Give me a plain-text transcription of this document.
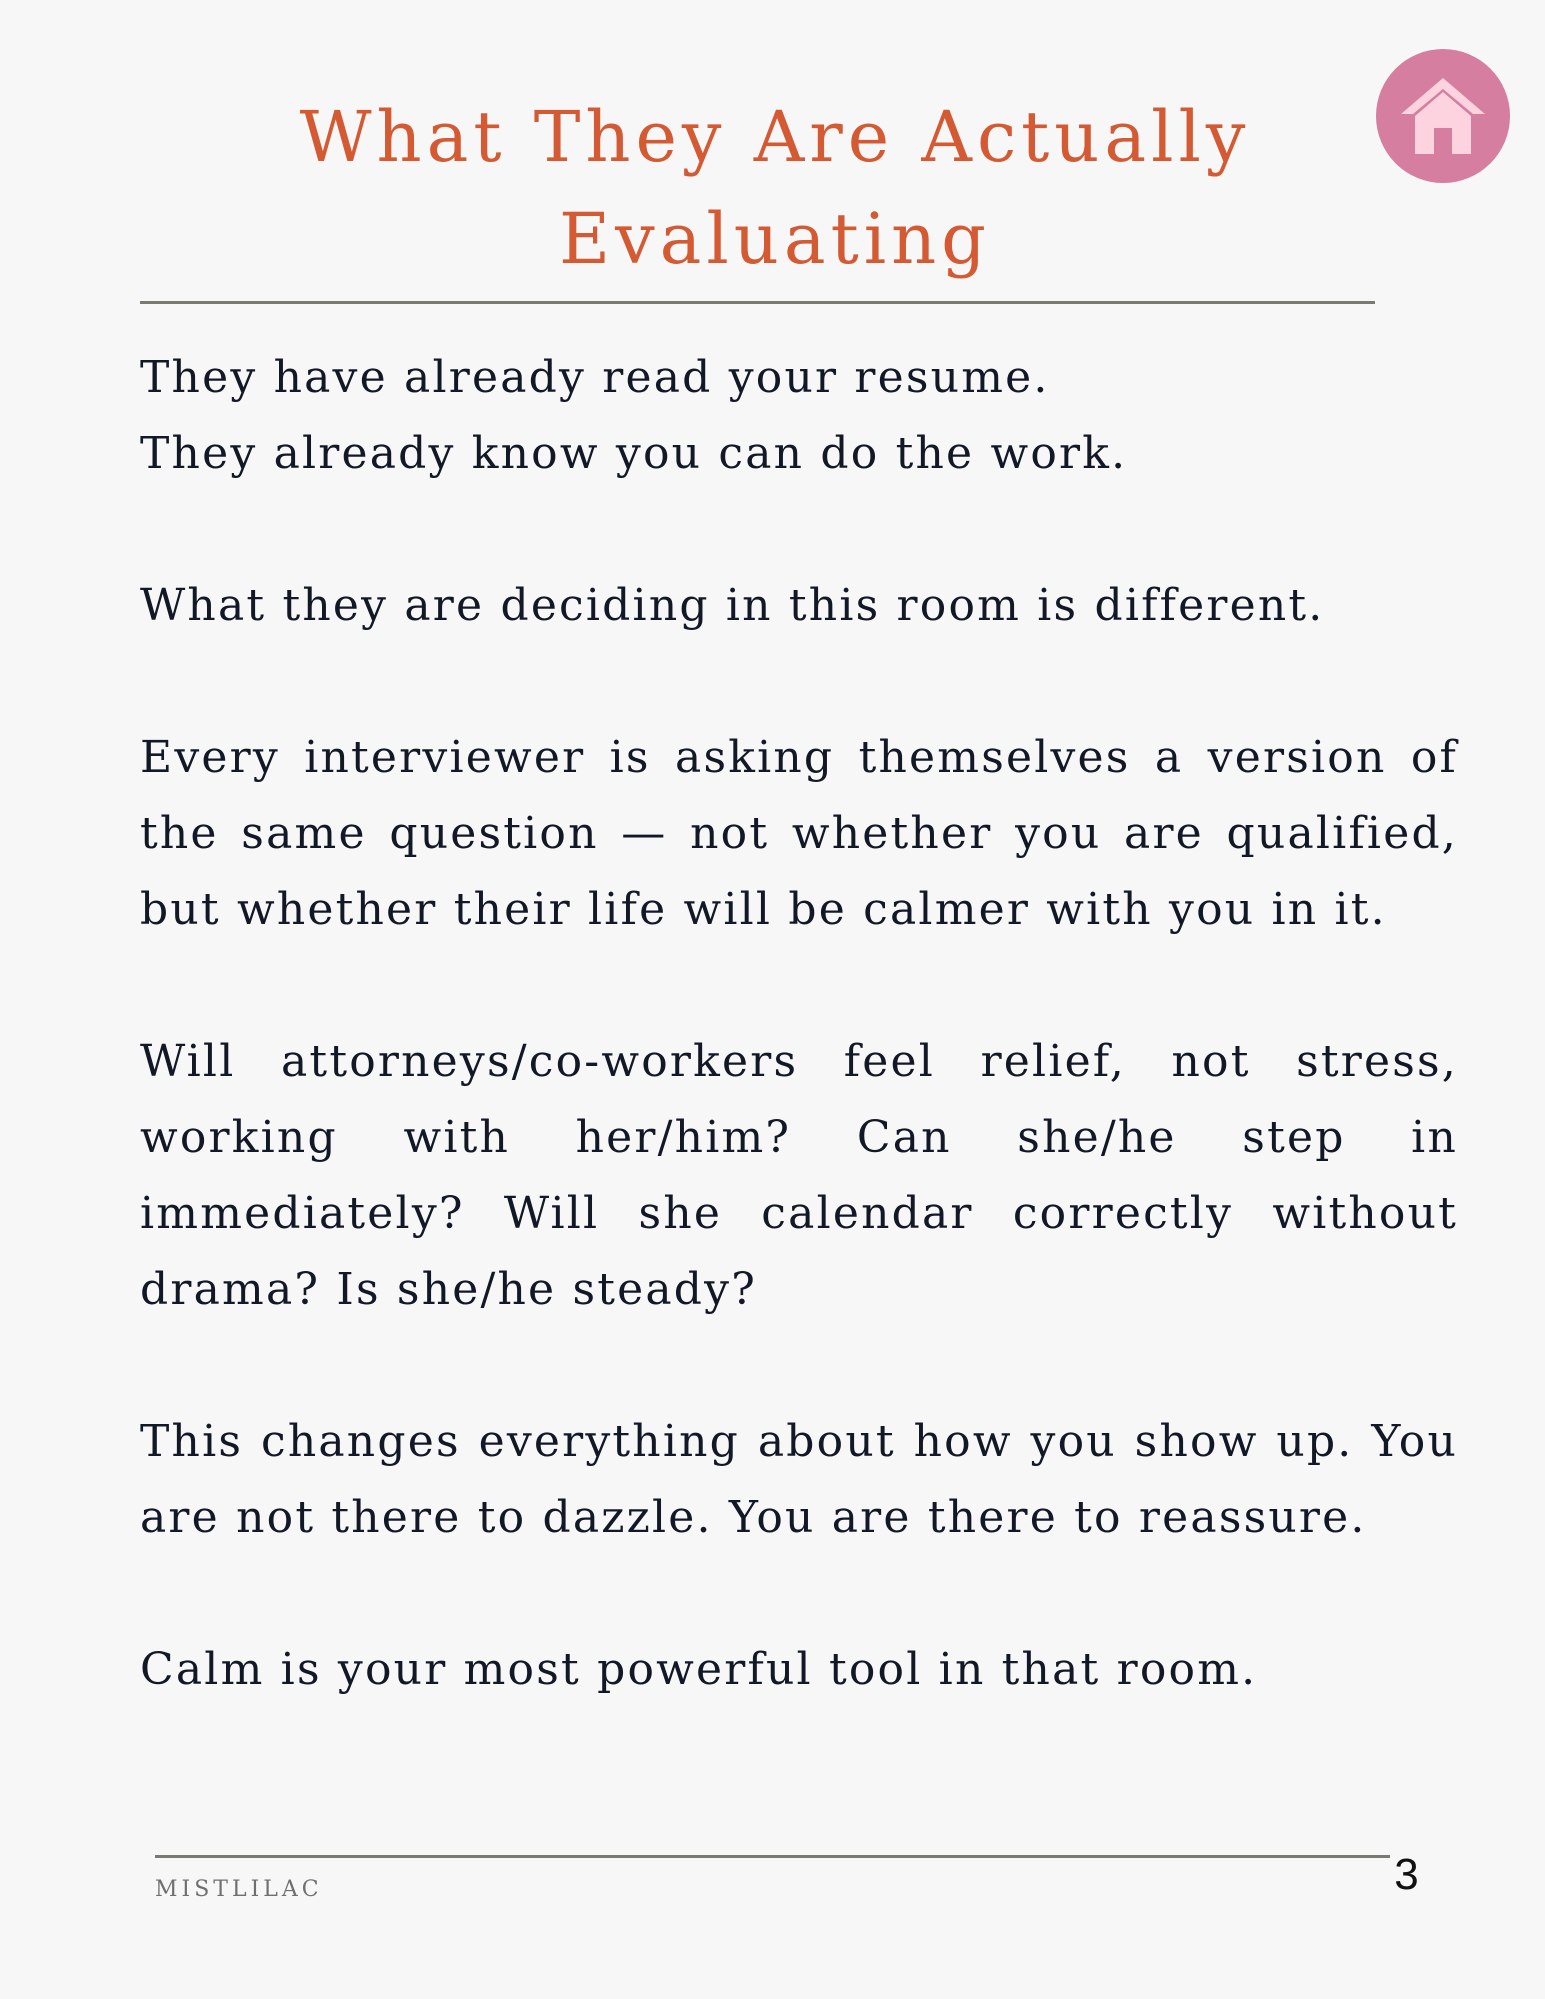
What They Are Actually
Evaluating

They have already read your resume.
They already know you can do the work.

What they are deciding in this room is different.

Every interviewer is asking themselves a version of the same question — not whether you are qualified, but whether their life will be calmer with you in it.

Will attorneys/co-workers feel relief, not stress, working with her/him? Can she/he step in immediately? Will she calendar correctly without drama? Is she/he steady?

This changes everything about how you show up. You are not there to dazzle. You are there to reassure.

Calm is your most powerful tool in that room.

MISTLILAC	3
